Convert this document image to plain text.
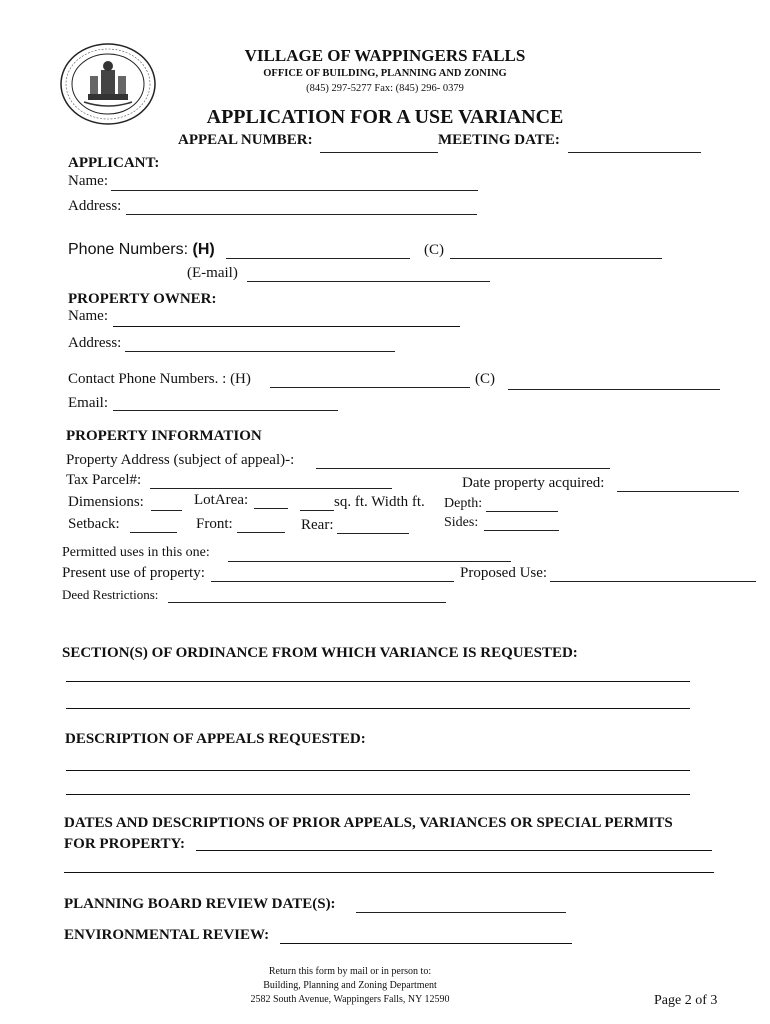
VILLAGE OF WAPPINGERS FALLS
OFFICE OF BUILDING, PLANNING AND ZONING
(845) 297-5277 Fax: (845) 296- 0379
APPLICATION FOR A USE VARIANCE
APPEAL NUMBER:	MEETING DATE:
APPLICANT:
Name:
Address:
Phone Numbers: (H)	(C)
(E-mail)
PROPERTY OWNER:
Name:
Address:
Contact Phone Numbers. : (H)	(C)
Email:
PROPERTY INFORMATION
Property Address (subject of appeal)-:
Tax Parcel#:	Date property acquired:
Dimensions:	LotArea:	sq. ft. Width ft. Depth:
Setback:	Front:	Rear:	Sides:
Permitted uses in this one:
Present use of property:	Proposed Use:
Deed Restrictions:
SECTION(S) OF ORDINANCE FROM WHICH VARIANCE IS REQUESTED:
DESCRIPTION OF APPEALS REQUESTED:
DATES AND DESCRIPTIONS OF PRIOR APPEALS, VARIANCES OR SPECIAL PERMITS
FOR PROPERTY:
PLANNING BOARD REVIEW DATE(S):
ENVIRONMENTAL REVIEW:
Return this form by mail or in person to:
Building, Planning and Zoning Department
2582 South Avenue, Wappingers Falls, NY 12590	Page 2 of 3
